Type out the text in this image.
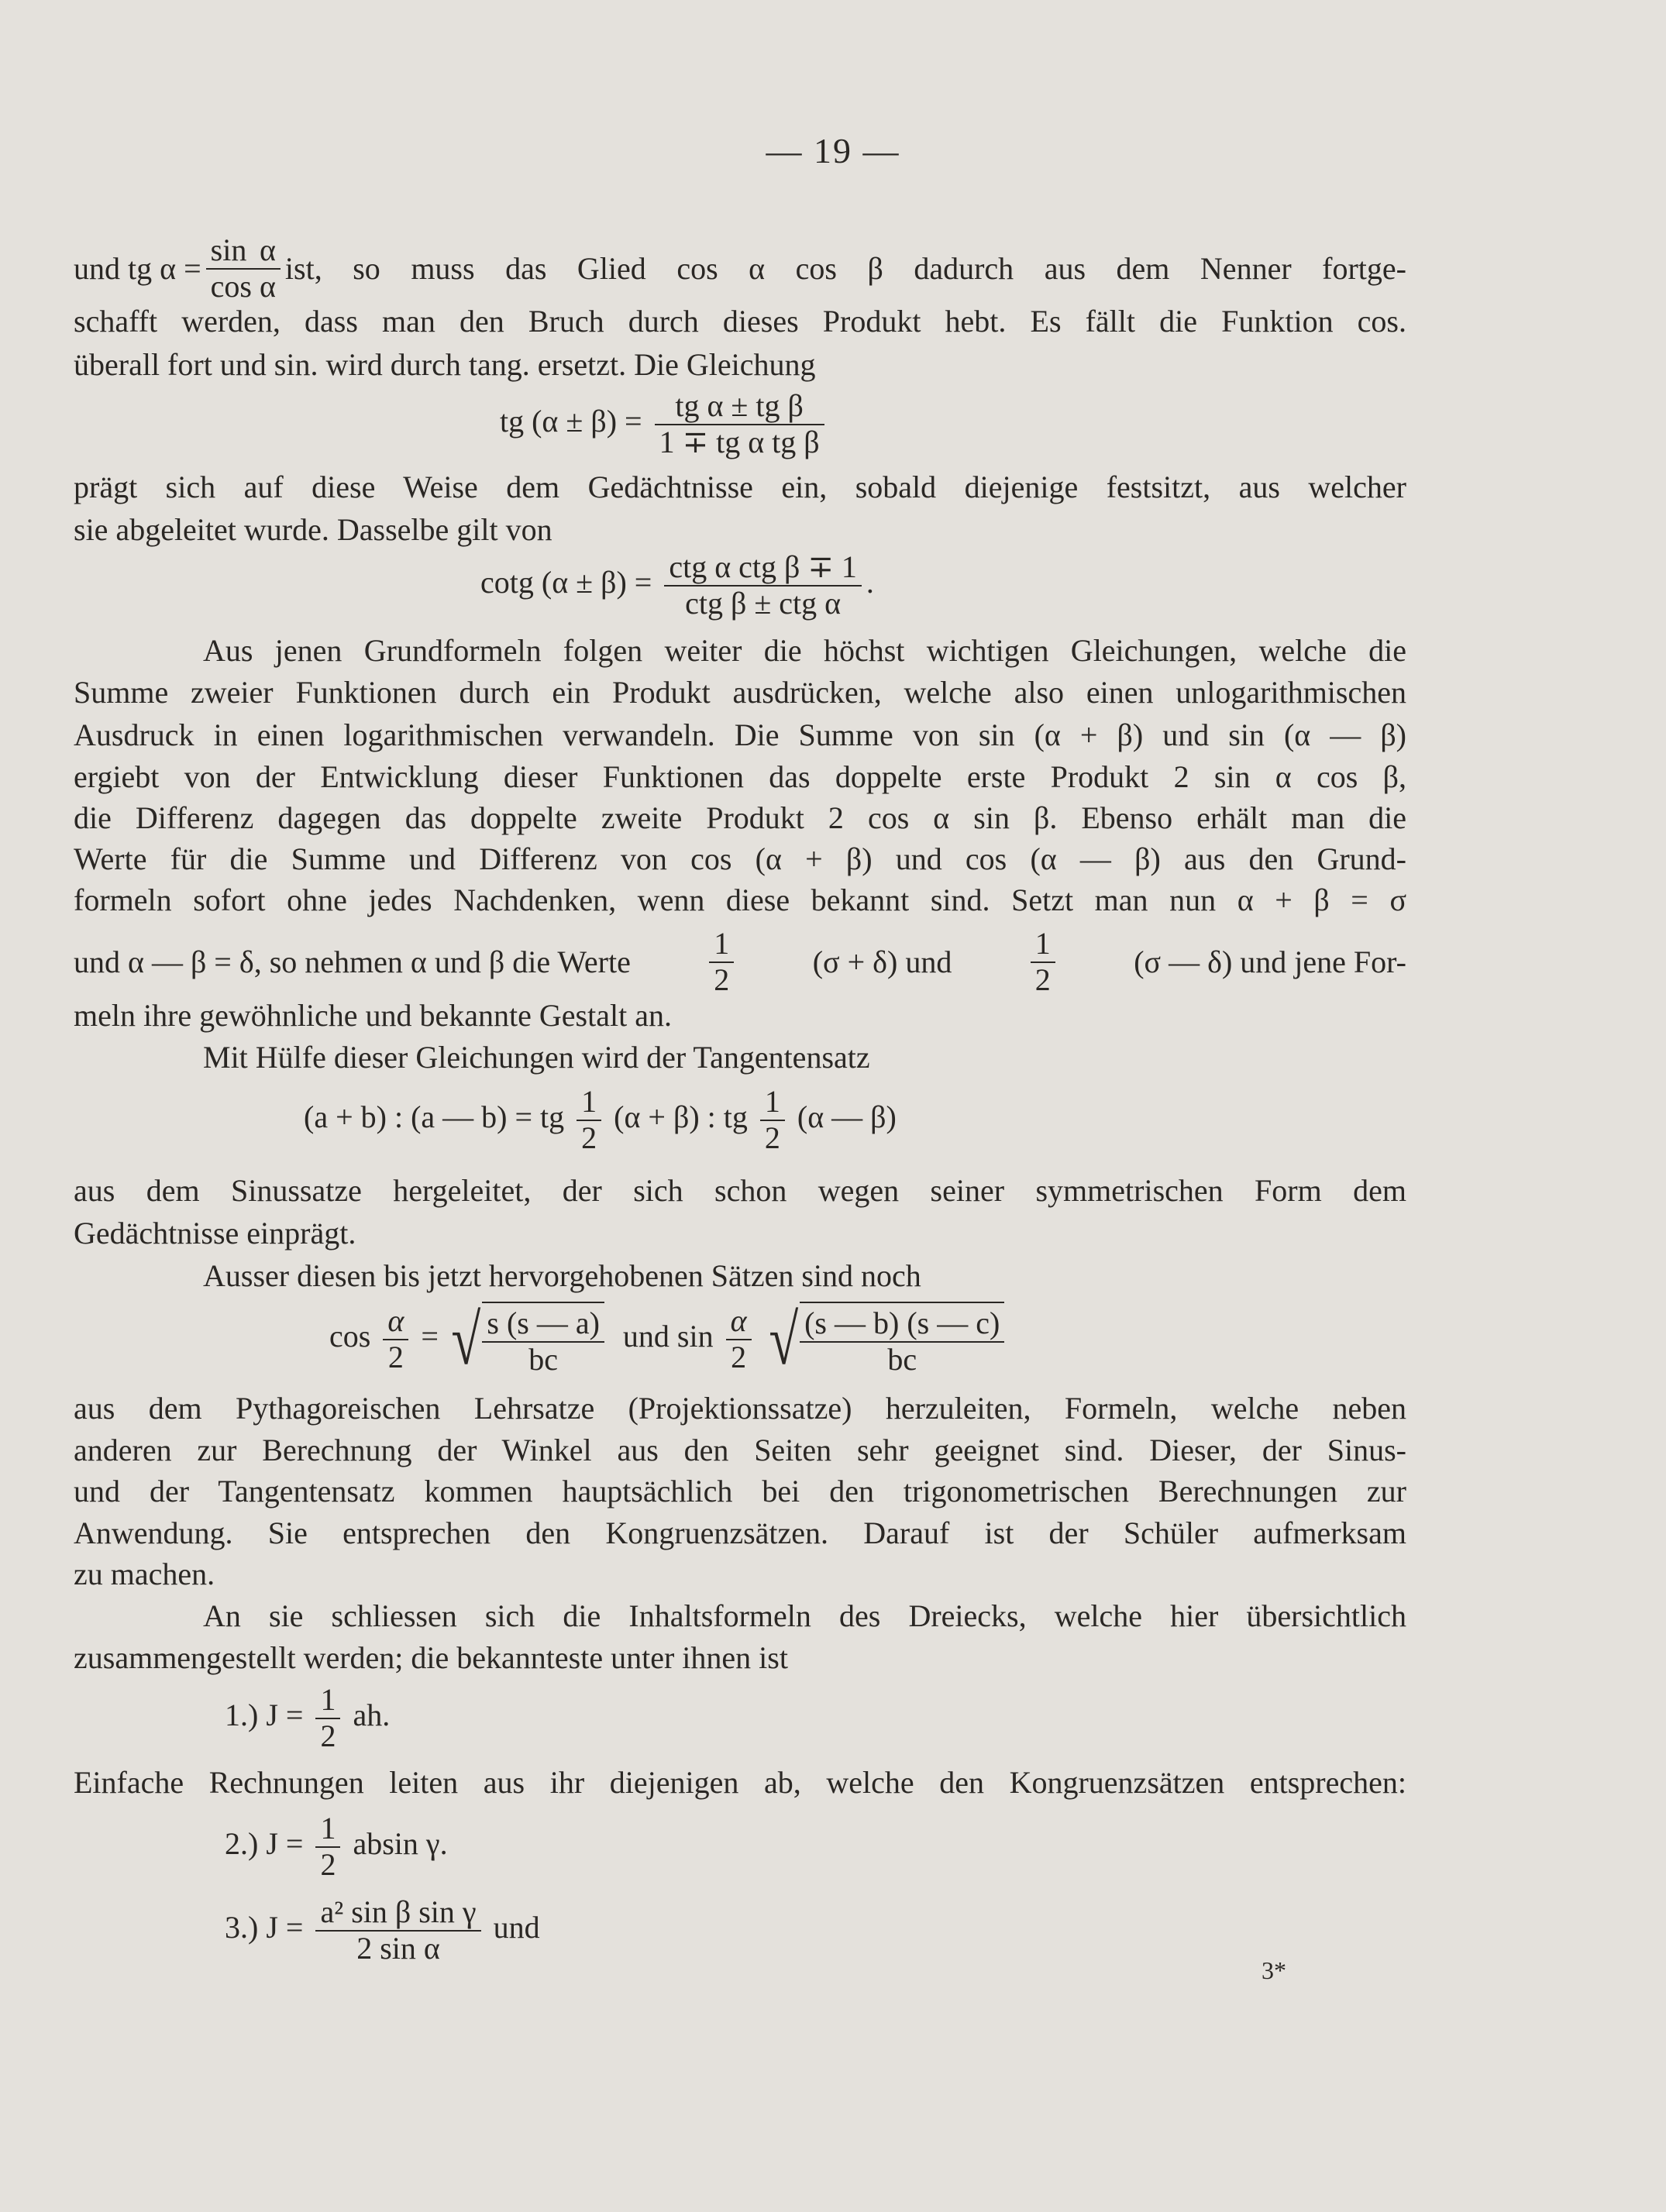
— 19 —
und tg $\alpha = \frac{\text{sin α}}{\text{cos α}}$ ist, so muss das Glied cos α cos β dadurch aus dem Nenner fortge-
schafft werden, dass man den Bruch durch dieses Produkt hebt. Es fällt die Funktion cos.
überall fort und sin. wird durch tang. ersetzt. Die Gleichung
tg $(\alpha \pm \beta) = \frac{\text{tg α ± tg β}}{\text{1 ∓ tg α tg β}}$
prägt sich auf diese Weise dem Gedächtnisse ein, sobald diejenige festsitzt, aus welcher
sie abgeleitet wurde. Dasselbe gilt von
cotg $(\alpha \pm \beta) = \frac{\text{ctg α ctg β ∓ 1}}{\text{ctg β ± ctg α}}$ .
Aus jenen Grundformeln folgen weiter die höchst wichtigen Gleichungen, welche die
Summe zweier Funktionen durch ein Produkt ausdrücken, welche also einen unlogarithmischen
Ausdruck in einen logarithmischen verwandeln. Die Summe von sin (α + β) und sin (α — β)
ergiebt von der Entwicklung dieser Funktionen das doppelte erste Produkt 2 sin α cos β,
die Differenz dagegen das doppelte zweite Produkt 2 cos α sin β. Ebenso erhält man die
Werte für die Summe und Differenz von cos (α + β) und cos (α — β) aus den Grund-
formeln sofort ohne jedes Nachdenken, wenn diese bekannt sind. Setzt man nun α + β = σ
und α — β = δ, so nehmen α und β die Werte	$\frac{1}{2}$	(σ + δ) und	$\frac{1}{2}$	(σ — δ) und jene For-
meln ihre gewöhnliche und bekannte Gestalt an.
Mit Hülfe dieser Gleichungen wird der Tangentensatz
(a + b) : (a — b) = tg $\frac{1}{2} (\alpha + \beta)$ : tg $\frac{1}{2} (\alpha$ — β)
aus dem Sinussatze hergeleitet, der sich schon wegen seiner symmetrischen Form dem
Gedächtnisse einprägt.
Ausser diesen bis jetzt hervorgehobenen Sätzen sind noch
$\cos \frac{\alpha}{2}$ = √ $\frac{s (s — a)}{bc}$ und $\sin \frac{\alpha}{2}$ √ $\frac{(s — b) (s — c)}{bc}$
aus dem Pythagoreischen Lehrsatze (Projektionssatze) herzuleiten, Formeln, welche neben
anderen zur Berechnung der Winkel aus den Seiten sehr geeignet sind. Dieser, der Sinus-
und der Tangentensatz kommen hauptsächlich bei den trigonometrischen Berechnungen zur
Anwendung. Sie entsprechen den Kongruenzsätzen. Darauf ist der Schüler aufmerksam
zu machen.
An sie schliessen sich die Inhaltsformeln des Dreiecks, welche hier übersichtlich
zusammengestellt werden; die bekannteste unter ihnen ist
1.) $J = \frac{1}{2}$ ah.
Einfache Rechnungen leiten aus ihr diejenigen ab, welche den Kongruenzsätzen entsprechen:
2.) $J = \frac{1}{2}$ absin γ.
3.) $J = \frac{\text{a² sin β sin γ}}{\text{2 sin α}}$ und
3*
